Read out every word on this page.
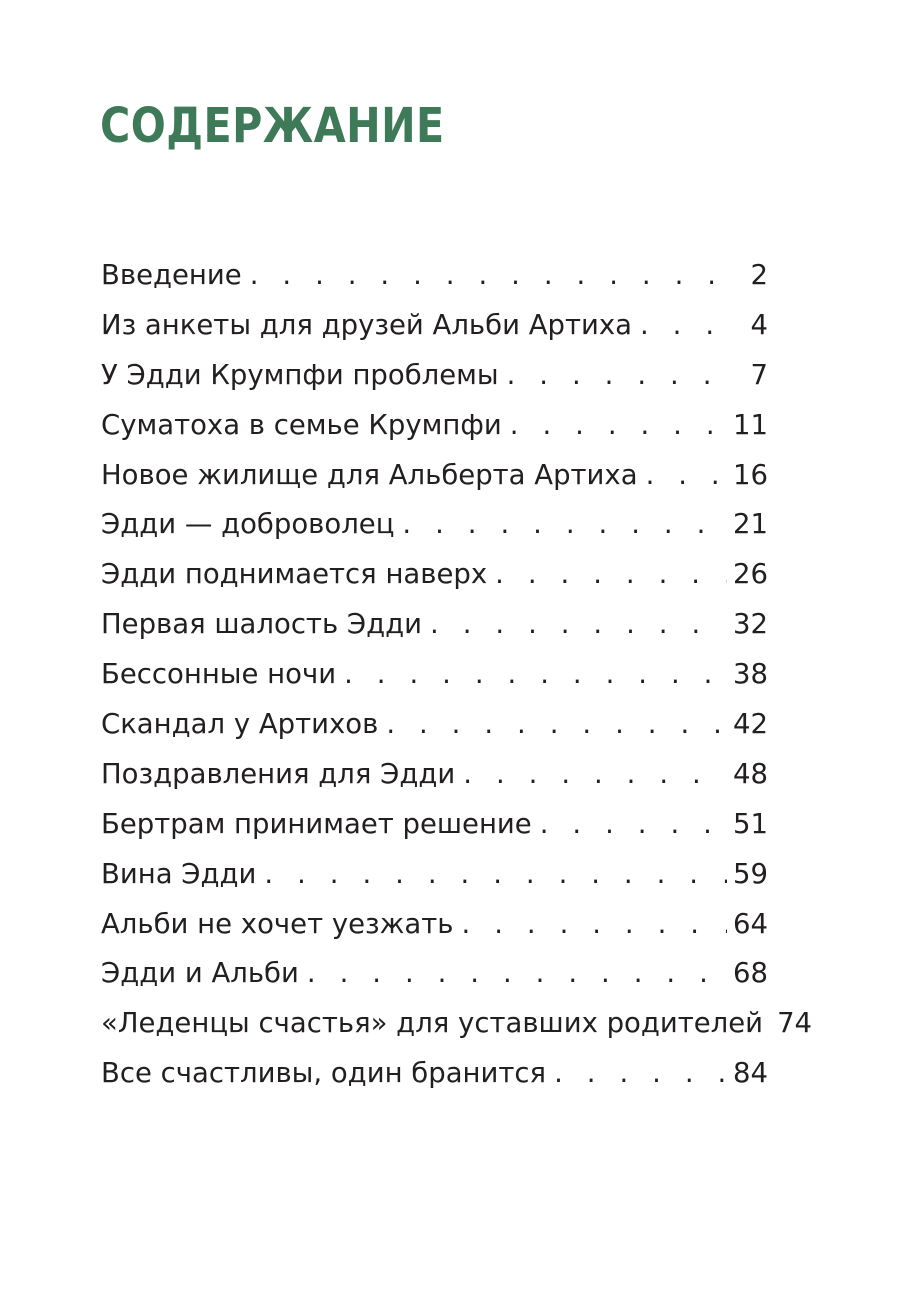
СОДЕРЖАНИЕ
Введение . . .	2
Из анкеты для друзей Альби Артиха . . .	4
У Эдди Крумпфи проблемы . . .	7
Суматоха в семье Крумпфи . . .	11
Новое жилище для Альберта Артиха . . .	16
Эдди — доброволец . . .	21
Эдди поднимается наверх . . .	26
Первая шалость Эдди . . .	32
Бессонные ночи . . .	38
Скандал у Артихов . . .	42
Поздравления для Эдди . . .	48
Бертрам принимает решение . . .	51
Вина Эдди . . .	59
Альби не хочет уезжать . . .	64
Эдди и Альби . . .	68
«Леденцы счастья» для уставших родителей . . . 74
Все счастливы, один бранится . . .	84
